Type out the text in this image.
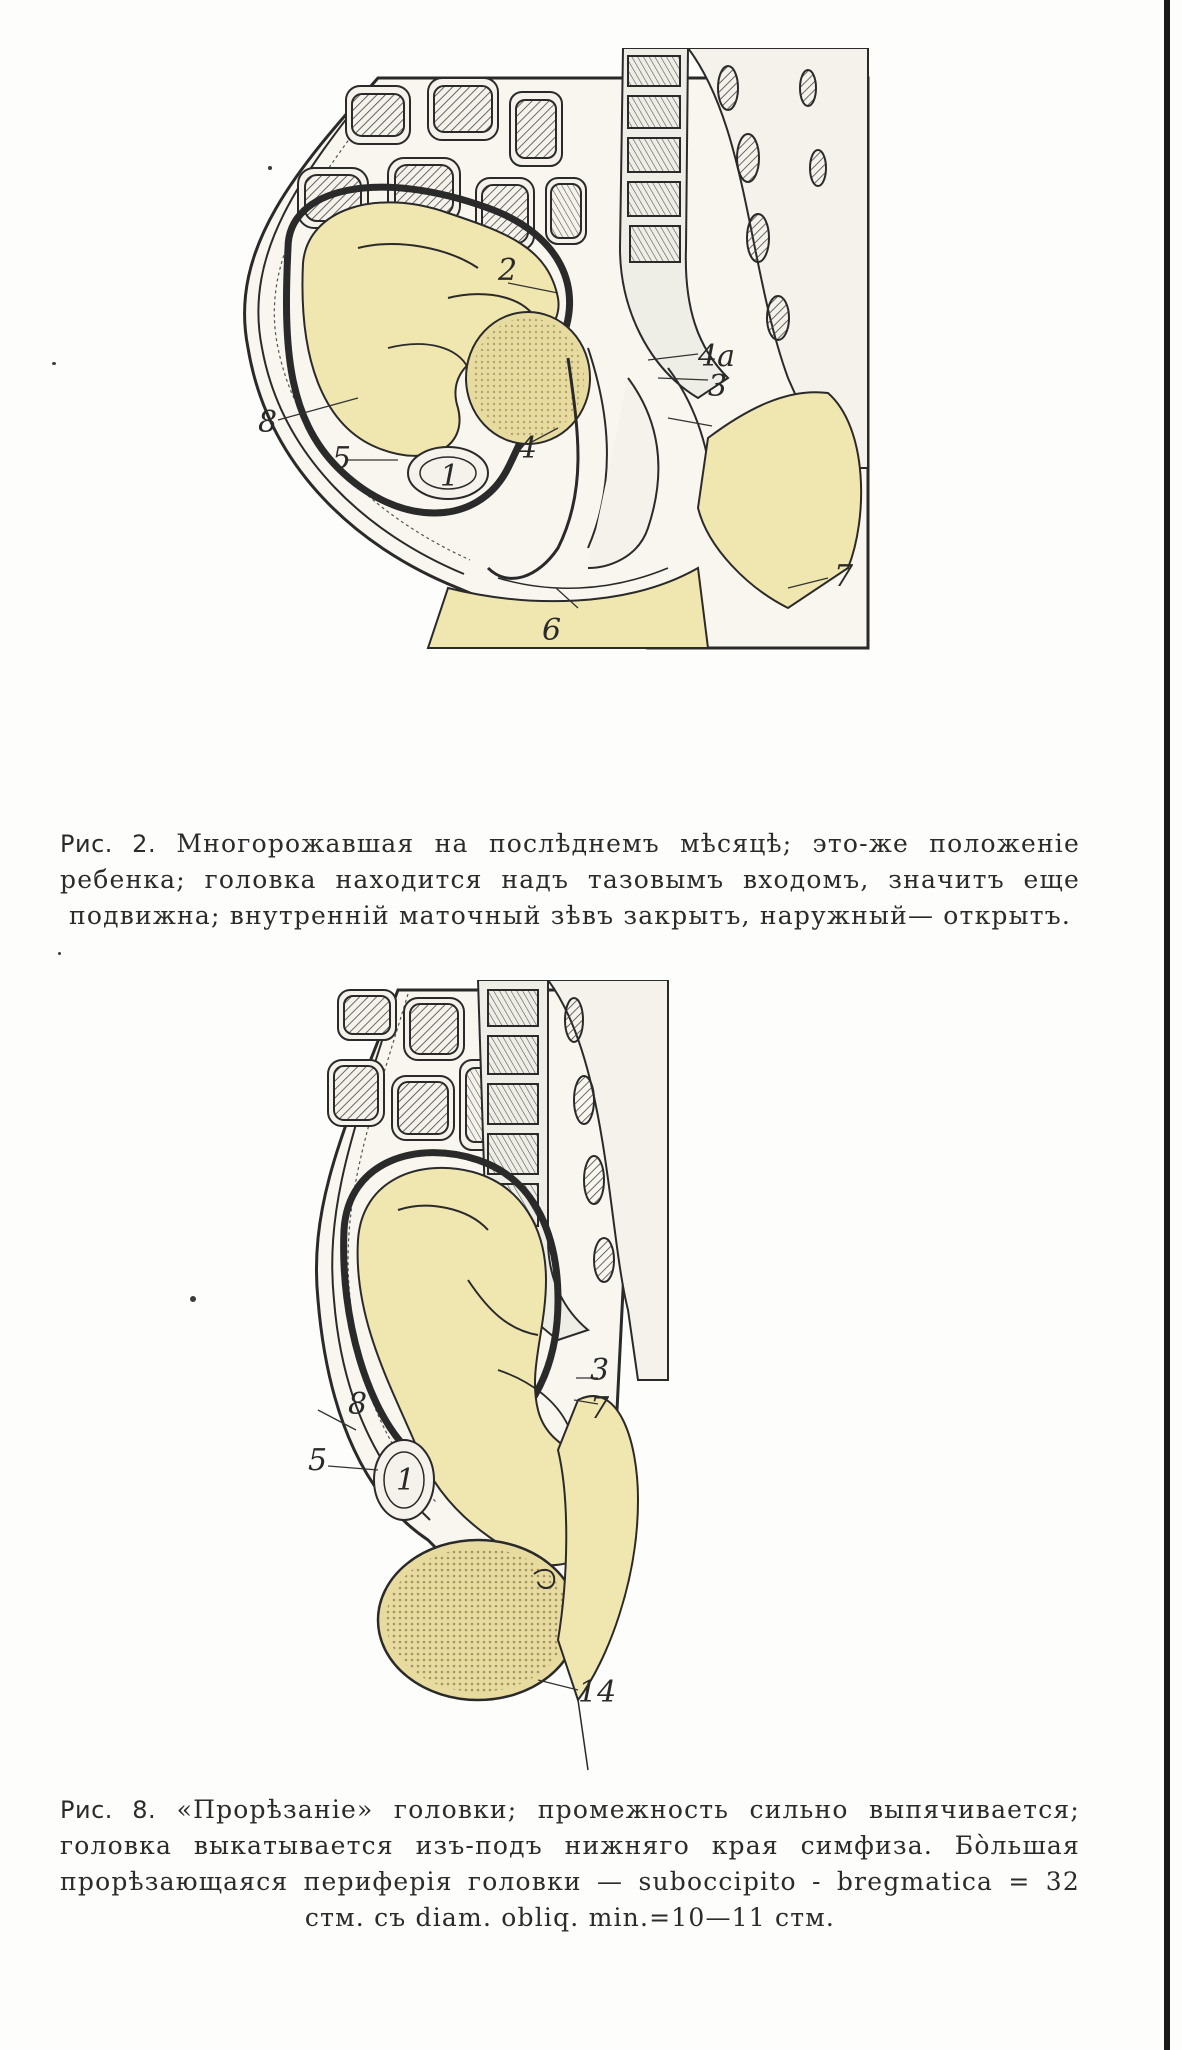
1
2
3
4
4a
5
6
7
8
Рис. 2. Многорожавшая на послѣднемъ мѣсяцѣ; это-же положенiе ребенка; головка находится надъ тазовымъ входомъ, значитъ еще подвижна; внутреннiй маточный зѣвъ закрытъ, наружный— открытъ.
1
3
5
7
8
14
Рис. 8. «Прорѣзанiе» головки; промежность сильно выпячивается; головка выкатывается изъ-подъ нижняго края симфиза. Бòльшая прорѣзающаяся периферiя головки — suboccipito - bregmatica = 32 стм. съ diam. obliq. min.=10—11 стм.
